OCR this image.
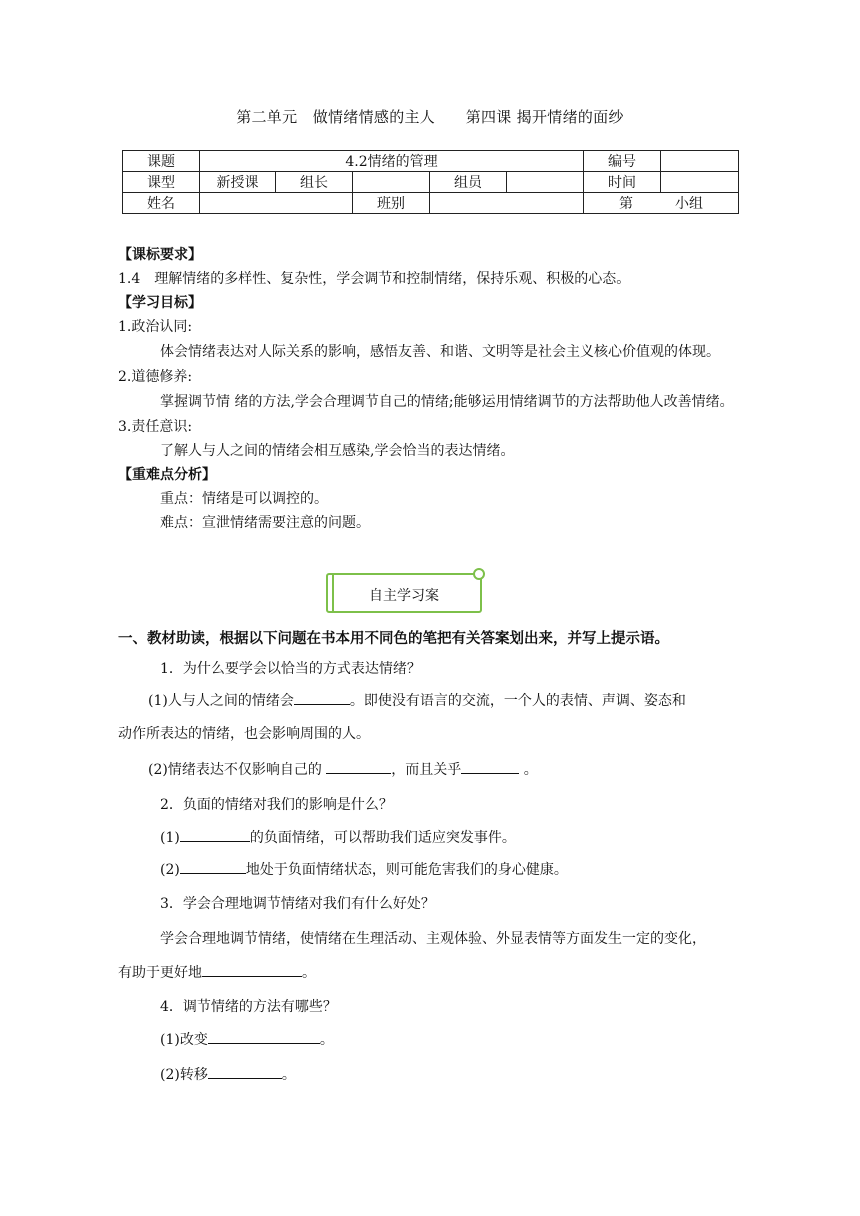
第二单元　做情绪情感的主人　　第四课 揭开情绪的面纱
课题	4.2情绪的管理					编号	
课型	新授课	组长		组员		时间	
姓名			班别			第 小组	
【课标要求】
1.4　理解情绪的多样性、复杂性，学会调节和控制情绪，保持乐观、积极的心态。
【学习目标】
1.政治认同:
体会情绪表达对人际关系的影响，感悟友善、和谐、文明等是社会主义核心价值观的体现。
2.道德修养:
掌握调节情 绪的方法,学会合理调节自己的情绪;能够运用情绪调节的方法帮助他人改善情绪。
3.责任意识:
了解人与人之间的情绪会相互感染,学会恰当的表达情绪。
【重难点分析】
重点：情绪是可以调控的。
难点：宣泄情绪需要注意的问题。
自主学习案
一、教材助读，根据以下问题在书本用不同色的笔把有关答案划出来，并写上提示语。
1．为什么要学会以恰当的方式表达情绪？
(1)人与人之间的情绪会	。即使没有语言的交流，一个人的表情、声调、姿态和
动作所表达的情绪，也会影响周围的人。
(2)情绪表达不仅影响自己的	，而且关乎	。
2．负面的情绪对我们的影响是什么？
(1)	的负面情绪，可以帮助我们适应突发事件。
(2)	地处于负面情绪状态，则可能危害我们的身心健康。
3．学会合理地调节情绪对我们有什么好处？
学会合理地调节情绪，使情绪在生理活动、主观体验、外显表情等方面发生一定的变化，
有助于更好地	。
4．调节情绪的方法有哪些？
(1)改变	。
(2)转移	。
